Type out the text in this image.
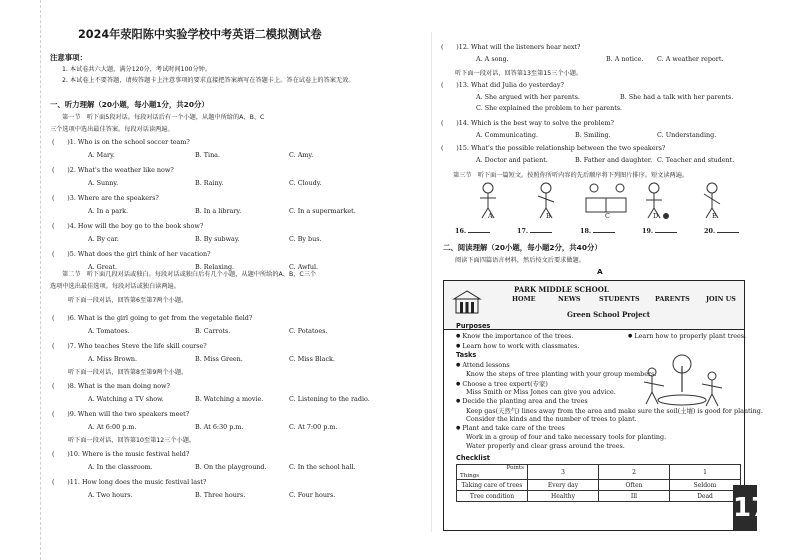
2024年荥阳陈中实验学校中考英语二模拟测试卷
注意事项：
1. 本试卷共六大题，满分120分，考试时间100分钟。
2. 本试卷上不要答题，请按答题卡上注意事项的要求直接把答案填写在答题卡上。答在试卷上的答案无效。
一、听力理解（20小题，每小题1分，共20分）
第一节　听下面5段对话。每段对话后有一个小题，从题中所给的A、B、C
三个选项中选出最佳答案。每段对话读两遍。
(　　)1. Who is on the school soccer team?
A. Mary.	B. Tina.	C. Amy.
(　　)2. What's the weather like now?
A. Sunny.	B. Rainy.	C. Cloudy.
(　　)3. Where are the speakers?
A. In a park.	B. In a library.	C. In a supermarket.
(　　)4. How will the boy go to the book show?
A. By car.	B. By subway.	C. By bus.
(　　)5. What does the girl think of her vacation?
A. Great.	B. Relaxing.	C. Awful.
(　　)6. What is the girl going to get from the vegetable field?
A. Tomatoes.	B. Carrots.	C. Potatoes.
(　　)7. Who teaches Steve the life skill course?
A. Miss Brown.	B. Miss Green.	C. Miss Black.
(　　)8. What is the man doing now?
A. Watching a TV show.	B. Watching a movie.	C. Listening to the radio.
(　　)9. When will the two speakers meet?
A. At 6:00 p.m.	B. At 6:30 p.m.	C. At 7:00 p.m.
(　　)10. Where is the music festival held?
A. In the classroom.	B. On the playground.	C. In the school hall.
(　　)11. How long does the music festival last?
A. Two hours.	B. Three hours.	C. Four hours.
第二节　听下面几段对话或独白。每段对话或独白后有几个小题，从题中所给的A、B、C三个
选项中选出最佳选项。每段对话或独白读两遍。
听下面一段对话，回答第6至第7两个小题。
听下面一段对话，回答第8至第9两个小题。
听下面一段对话，回答第10至第12三个小题。
(　　)12. What will the listeners hear next?
A. A song.	B. A notice. C. A weather report.
(　　)13. What did Julia do yesterday?
A. She argued with her parents.	B. She had a talk with her parents.
C. She explained the problem to her parents.
(　　)14. Which is the best way to solve the problem?
A. Communicating.	B. Smiling.	C. Understanding.
(　　)15. What's the possible relationship between the two speakers?
A. Doctor and patient.	B. Father and daughter. C. Teacher and student.
听下面一段对话，回答第13至第15三个小题。
第三节　听下面一篇短文。按照你所听内容的先后顺序将下列图片排序。短文读两遍。
A	B	C	D	E
16.	17.	18.	19.	20.
二、阅读理解（20小题，每小题2分，共40分）
阅读下面四篇语言材料，然后按文后要求做题。
A
PARK MIDDLE SCHOOL
HOME	NEWS	STUDENTS PARENTS	JOIN US
Green School Project
Purposes
● Know the importance of the trees.	● Learn how to properly plant trees.
● Learn how to work with classmates.
Tasks
● Attend lessons
Know the steps of tree planting with your group members.
● Choose a tree expert(专家)
Miss Smith or Miss Jones can give you advice.
● Decide the planting area and the trees
Keep gas(天然气) lines away from the area and make sure the soil(土壤) is good for planting.
Consider the kinds and the number of trees to plant.
● Plant and take care of the trees
Work in a group of four and take necessary tools for planting.
Water properly and clear grass around the trees.
Checklist
Points
Things	3	2	1
Taking care of trees	Every day	Often	Seldom
Tree condition	Healthy	Ill	Dead 17
